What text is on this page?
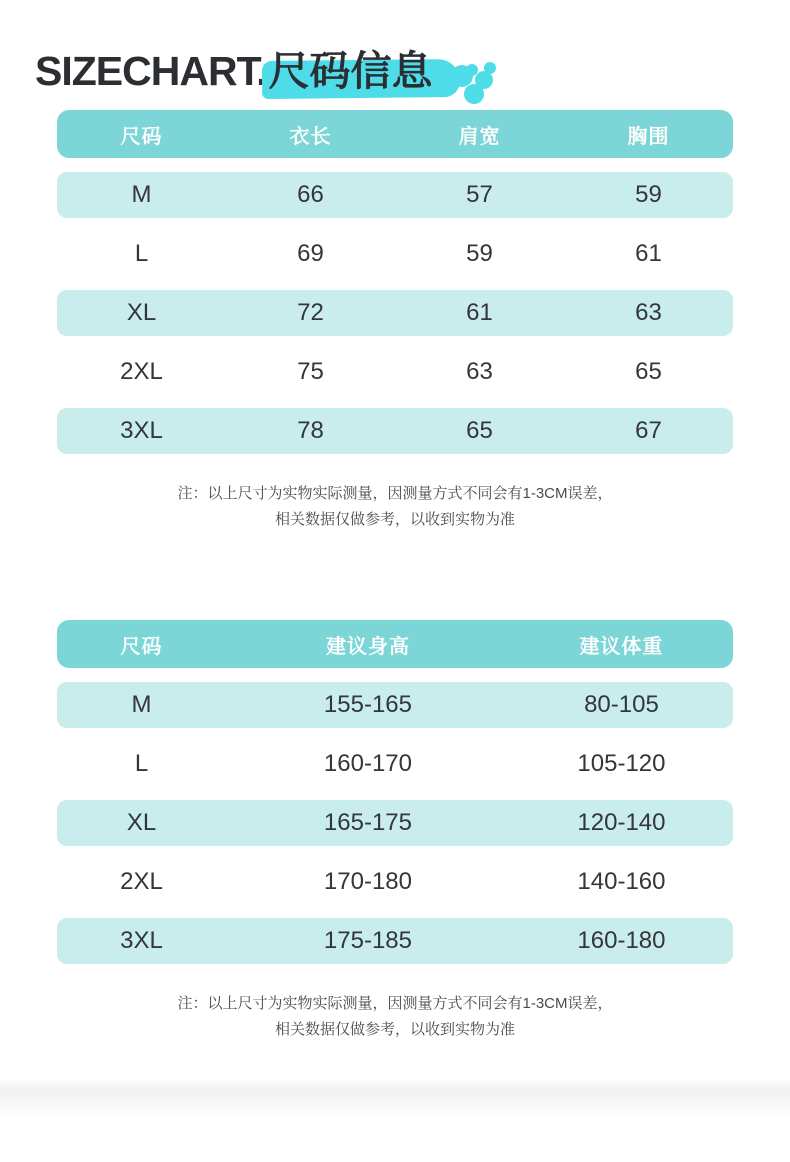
SIZECHART.尺码信息
尺码	衣长	肩宽	胸围
M	66	57	59
L	69	59	61
XL	72	61	63
2XL	75	63	65
3XL	78	65	67
注：以上尺寸为实物实际测量，因测量方式不同会有1-3CM误差，
相关数据仅做参考，以收到实物为准
尺码	建议身高	建议体重
M	155-165	80-105
L	160-170	105-120
XL	165-175	120-140
2XL	170-180	140-160
3XL	175-185	160-180
注：以上尺寸为实物实际测量，因测量方式不同会有1-3CM误差，
相关数据仅做参考，以收到实物为准
